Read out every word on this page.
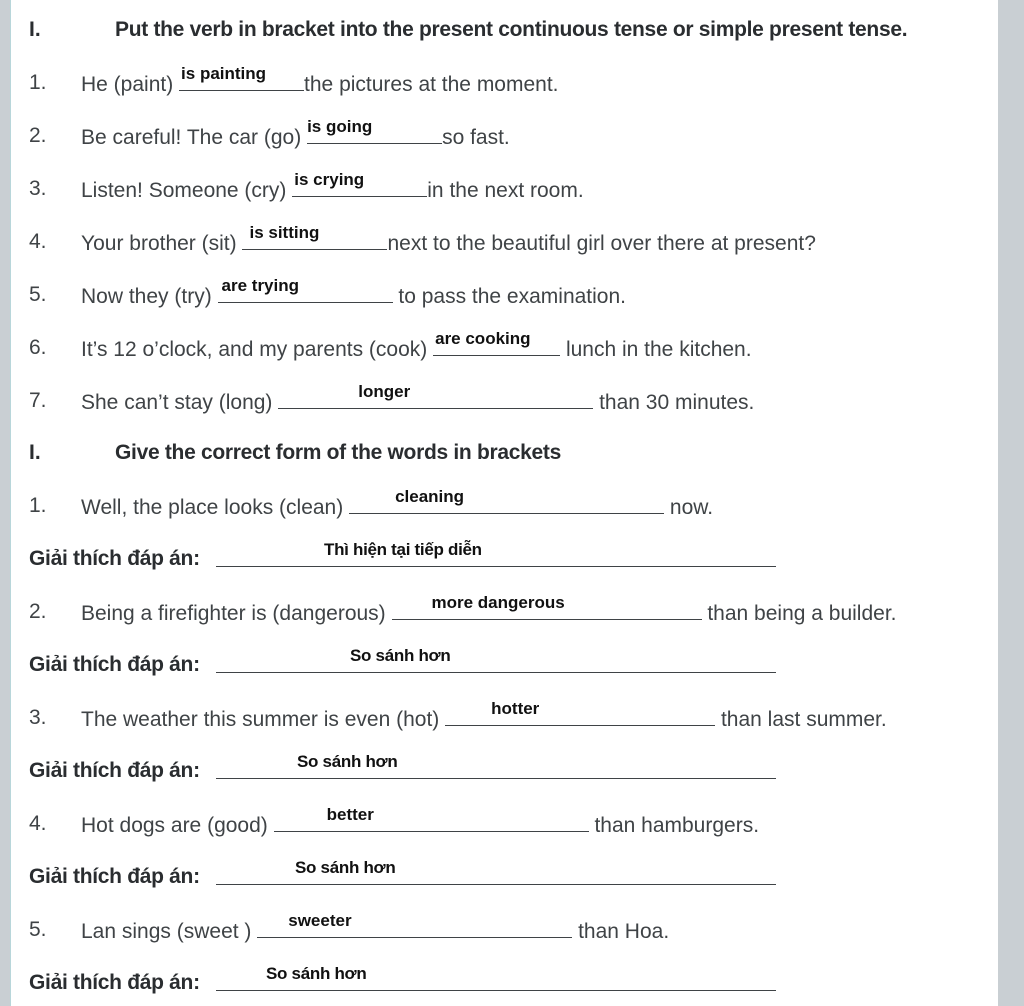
I.	Put the verb in bracket into the present continuous tense or simple present tense.
1. He (paint) is painting the pictures at the moment.
2. Be careful! The car (go) is going	so fast.
3. Listen! Someone (cry) is crying	in the next room.
4. Your brother (sit) is sitting	next to the beautiful girl over there at present?
5. Now they (try) are trying	to pass the examination.
6. It’s 12 o’clock, and my parents (cook) are cooking lunch in the kitchen.
7. She can’t stay (long)	longer	than 30 minutes.
I.	Give the correct form of the words in brackets
1. Well, the place looks (clean)	cleaning	now.
Giải thích đáp án:	Thì hiện tại tiếp diễn
2. Being a firefighter is (dangerous) more dangerous	than being a builder.
Giải thích đáp án:	So sánh hơn
3. The weather this summer is even (hot)	hotter	than last summer.
Giải thích đáp án:	So sánh hơn
4. Hot dogs are (good)	better	than hamburgers.
Giải thích đáp án:	So sánh hơn
5. Lan sings (sweet ) sweeter	than Hoa.
Giải thích đáp án:	So sánh hơn
